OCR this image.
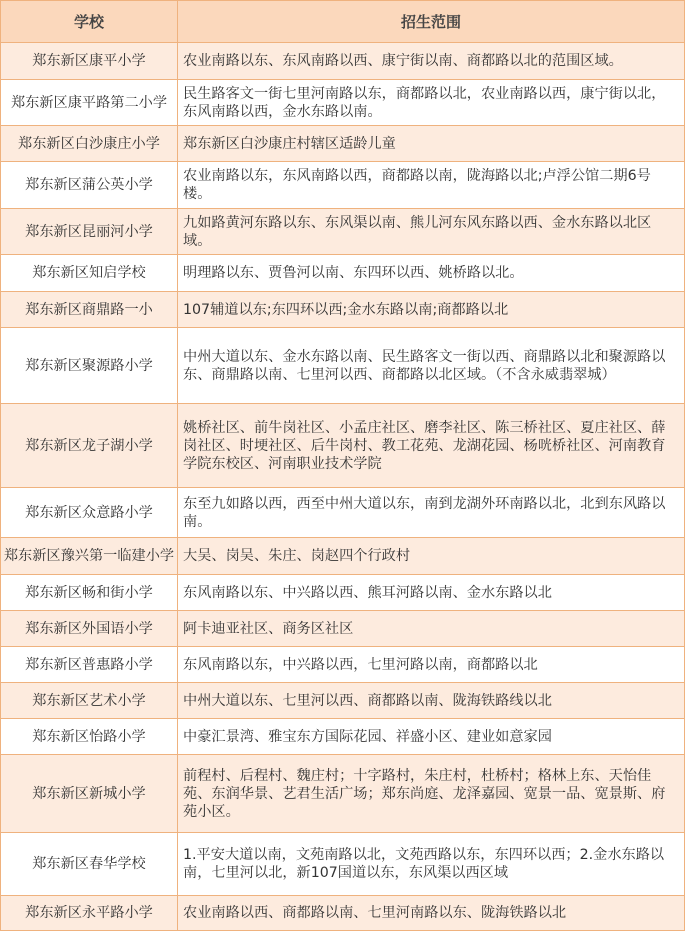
学校	招生范围
郑东新区康平小学	农业南路以东、东风南路以西、康宁街以南、商都路以北的范围区域。
郑东新区康平路第二小学	民生路客文一街七里河南路以东，商都路以北，农业南路以西，康宁街以北，东风南路以西，金水东路以南。
郑东新区白沙康庄小学	郑东新区白沙康庄村辖区适龄儿童
郑东新区蒲公英小学	农业南路以东，东风南路以西，商都路以南，陇海路以北;卢浮公馆二期6号楼。
郑东新区昆丽河小学	九如路黄河东路以东、东风渠以南、熊儿河东风东路以西、金水东路以北区域。
郑东新区知启学校	明理路以东、贾鲁河以南、东四环以西、姚桥路以北。
郑东新区商鼎路一小	107辅道以东;东四环以西;金水东路以南;商都路以北
郑东新区聚源路小学	中州大道以东、金水东路以南、民生路客文一街以西、商鼎路以北和聚源路以东、商鼎路以南、七里河以西、商都路以北区域。（不含永威翡翠城）
郑东新区龙子湖小学	姚桥社区、前牛岗社区、小孟庄社区、磨李社区、陈三桥社区、夏庄社区、薛岗社区、时埂社区、后牛岗村、教工花苑、龙湖花园、杨咣桥社区、河南教育学院东校区、河南职业技术学院
郑东新区众意路小学	东至九如路以西，西至中州大道以东，南到龙湖外环南路以北，北到东风路以南。
郑东新区豫兴第一临建小学	大吴、岗吴、朱庄、岗赵四个行政村
郑东新区畅和街小学	东风南路以东、中兴路以西、熊耳河路以南、金水东路以北
郑东新区外国语小学	阿卡迪亚社区、商务区社区
郑东新区普惠路小学	东风南路以东，中兴路以西，七里河路以南，商都路以北
郑东新区艺术小学	中州大道以东、七里河以西、商都路以南、陇海铁路线以北
郑东新区怡路小学	中豪汇景湾、雅宝东方国际花园、祥盛小区、建业如意家园
郑东新区新城小学	前程村、后程村、魏庄村；十字路村，朱庄村，杜桥村；格林上东、天怡佳苑、东润华景、艺君生活广场；郑东尚庭、龙泽嘉园、宽景一品、宽景斯、府苑小区。
郑东新区春华学校	1.平安大道以南，文苑南路以北，文苑西路以东，东四环以西；2.金水东路以南，七里河以北，新107国道以东，东风渠以西区域
郑东新区永平路小学	农业南路以西、商都路以南、七里河南路以东、陇海铁路以北
